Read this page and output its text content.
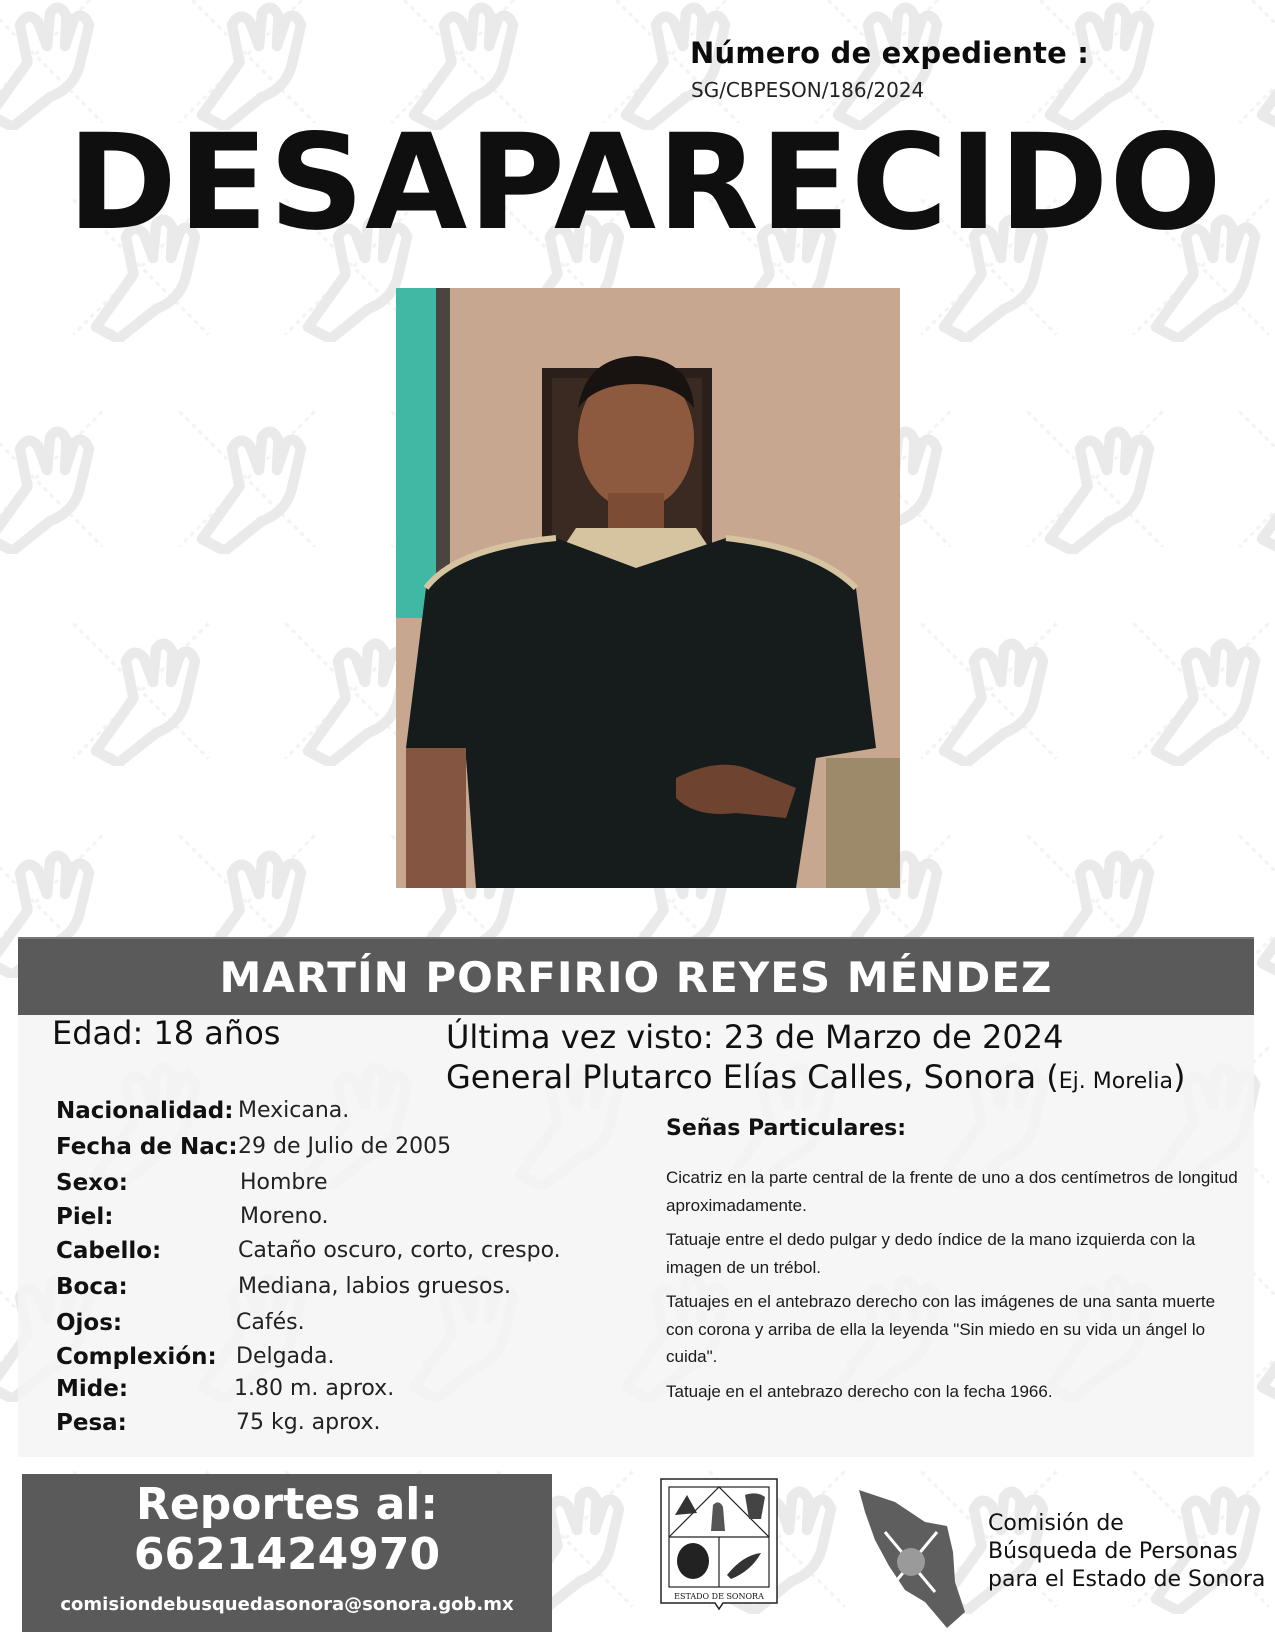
Número de expediente :
SG/CBPESON/186/2024
DESAPARECIDO
MARTÍN PORFIRIO REYES MÉNDEZ
Edad: 18 años	Última vez visto: 23 de Marzo de 2024
General Plutarco Elías Calles, Sonora (Ej. Morelia)
Nacionalidad: Mexicana.
Fecha de Nac: 29 de Julio de 2005
Sexo:	Hombre
Piel:	Moreno.
Cabello:	Cataño oscuro, corto, crespo.
Boca:	Mediana, labios gruesos.
Ojos:	Cafés.
Complexión: Delgada.
Mide:	1.80 m. aprox.
Pesa:	75 kg. aprox.
Señas Particulares:

Cicatriz en la parte central de la frente de uno a dos centímetros de longitud aproximadamente.

Tatuaje entre el dedo pulgar y dedo índice de la mano izquierda con la imagen de un trébol.

Tatuajes en el antebrazo derecho con las imágenes de una santa muerte con corona y arriba de ella la leyenda "Sin miedo en su vida un ángel lo cuida".

Tatuaje en el antebrazo derecho con la fecha 1966.

Reportes al:
6621424970
comisiondebusquedasonora@sonora.gob.mx	ESTADO DE SONORA
Comisión de
Búsqueda de Personas
para el Estado de Sonora
